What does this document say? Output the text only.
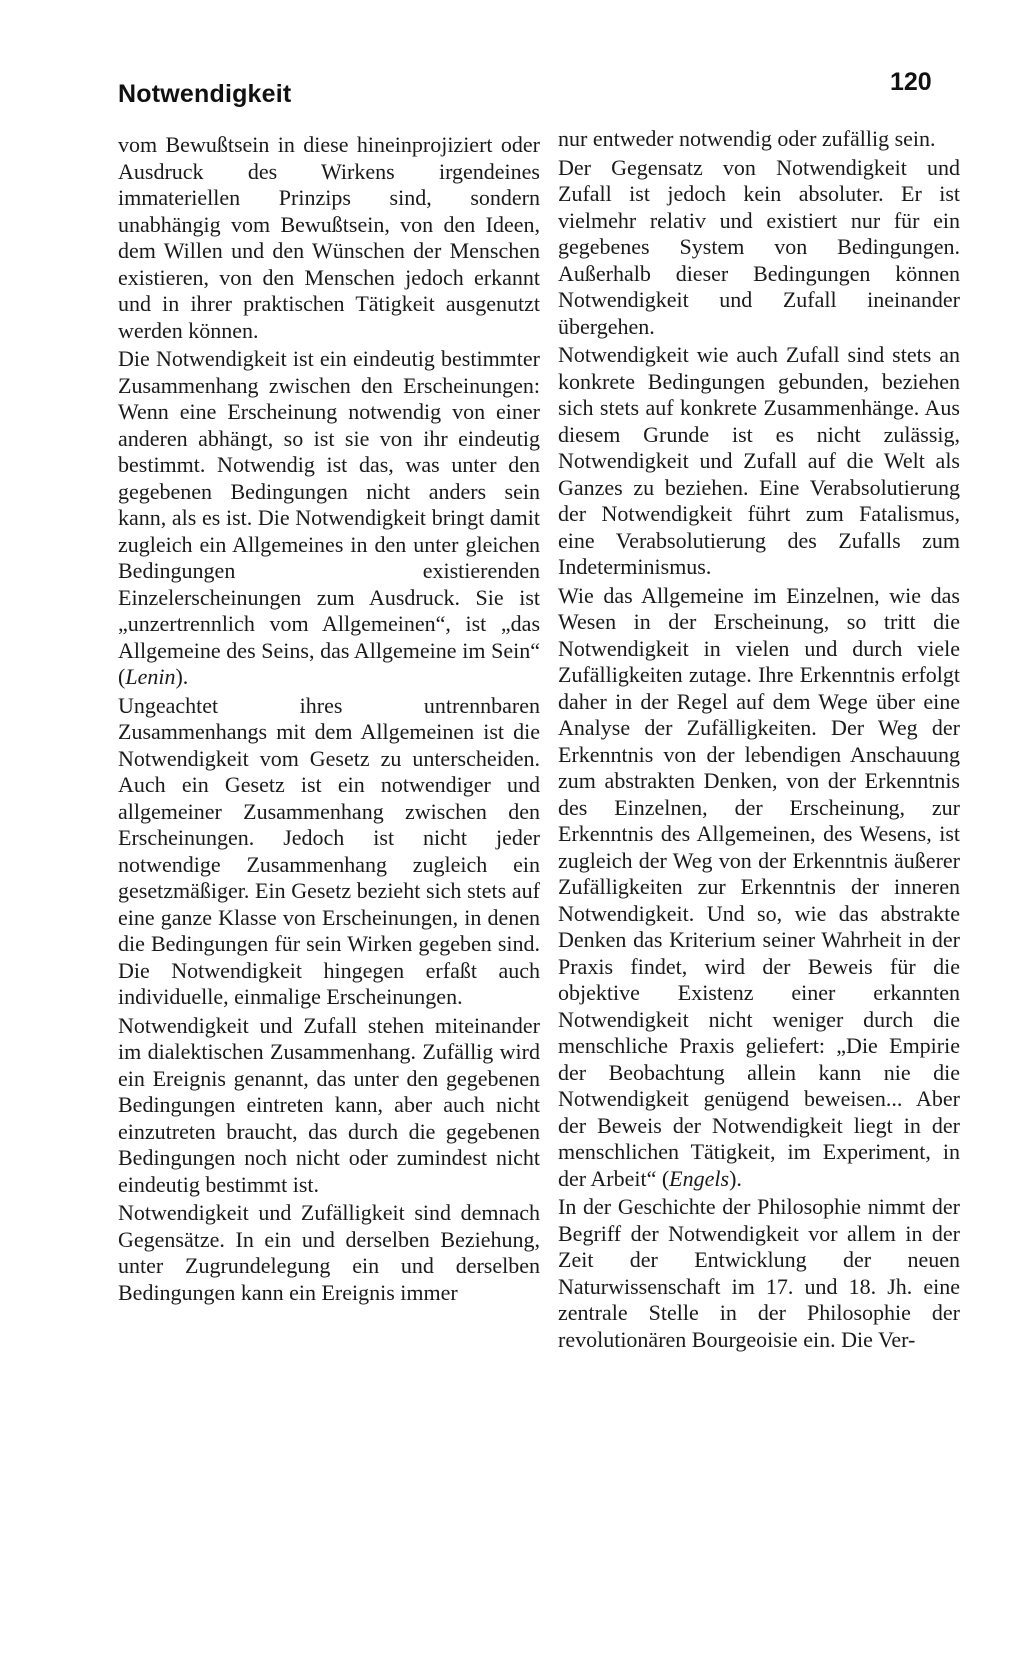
Notwendigkeit	120

vom Bewußtsein in diese hineinprojiziert oder Ausdruck des Wirkens irgendeines immateriellen Prinzips sind, sondern unabhängig vom Bewußtsein, von den Ideen, dem Willen und den Wünschen der Menschen existieren, von den Menschen jedoch erkannt und in ihrer praktischen Tätigkeit ausgenutzt werden können.

Die Notwendigkeit ist ein eindeutig bestimmter Zusammenhang zwischen den Erscheinungen: Wenn eine Erscheinung notwendig von einer anderen abhängt, so ist sie von ihr eindeutig bestimmt. Notwendig ist das, was unter den gegebenen Bedingungen nicht anders sein kann, als es ist. Die Notwendigkeit bringt damit zugleich ein Allgemeines in den unter gleichen Bedingungen existierenden Einzelerscheinungen zum Ausdruck. Sie ist „unzertrennlich vom Allgemeinen“, ist „das Allgemeine des Seins, das Allgemeine im Sein“ (Lenin).

Ungeachtet ihres untrennbaren Zusammenhangs mit dem Allgemeinen ist die Notwendigkeit vom Gesetz zu unterscheiden. Auch ein Gesetz ist ein notwendiger und allgemeiner Zusammenhang zwischen den Erscheinungen. Jedoch ist nicht jeder notwendige Zusammenhang zugleich ein gesetzmäßiger. Ein Gesetz bezieht sich stets auf eine ganze Klasse von Erscheinungen, in denen die Bedingungen für sein Wirken gegeben sind. Die Notwendigkeit hingegen erfaßt auch individuelle, einmalige Erscheinungen.

Notwendigkeit und Zufall stehen miteinander im dialektischen Zusammenhang. Zufällig wird ein Ereignis genannt, das unter den gegebenen Bedingungen eintreten kann, aber auch nicht einzutreten braucht, das durch die gegebenen Bedingungen noch nicht oder zumindest nicht eindeutig bestimmt ist.

Notwendigkeit und Zufälligkeit sind demnach Gegensätze. In ein und derselben Beziehung, unter Zugrundelegung ein und derselben Bedingungen kann ein Ereignis immer

nur entweder notwendig oder zufällig sein.

Der Gegensatz von Notwendigkeit und Zufall ist jedoch kein absoluter. Er ist vielmehr relativ und existiert nur für ein gegebenes System von Bedingungen. Außerhalb dieser Bedingungen können Notwendigkeit und Zufall ineinander übergehen.

Notwendigkeit wie auch Zufall sind stets an konkrete Bedingungen gebunden, beziehen sich stets auf konkrete Zusammenhänge. Aus diesem Grunde ist es nicht zulässig, Notwendigkeit und Zufall auf die Welt als Ganzes zu beziehen. Eine Verabsolutierung der Notwendigkeit führt zum Fatalismus, eine Verabsolutierung des Zufalls zum Indeterminismus.

Wie das Allgemeine im Einzelnen, wie das Wesen in der Erscheinung, so tritt die Notwendigkeit in vielen und durch viele Zufälligkeiten zutage. Ihre Erkenntnis erfolgt daher in der Regel auf dem Wege über eine Analyse der Zufälligkeiten. Der Weg der Erkenntnis von der lebendigen Anschauung zum abstrakten Denken, von der Erkenntnis des Einzelnen, der Erscheinung, zur Erkenntnis des Allgemeinen, des Wesens, ist zugleich der Weg von der Erkenntnis äußerer Zufälligkeiten zur Erkenntnis der inneren Notwendigkeit. Und so, wie das abstrakte Denken das Kriterium seiner Wahrheit in der Praxis findet, wird der Beweis für die objektive Existenz einer erkannten Notwendigkeit nicht weniger durch die menschliche Praxis geliefert: „Die Empirie der Beobachtung allein kann nie die Notwendigkeit genügend beweisen... Aber der Beweis der Notwendigkeit liegt in der menschlichen Tätigkeit, im Experiment, in der Arbeit“ (Engels).

In der Geschichte der Philosophie nimmt der Begriff der Notwendigkeit vor allem in der Zeit der Entwicklung der neuen Naturwissenschaft im 17. und 18. Jh. eine zentrale Stelle in der Philosophie der revolutionären Bourgeoisie ein. Die Ver-
